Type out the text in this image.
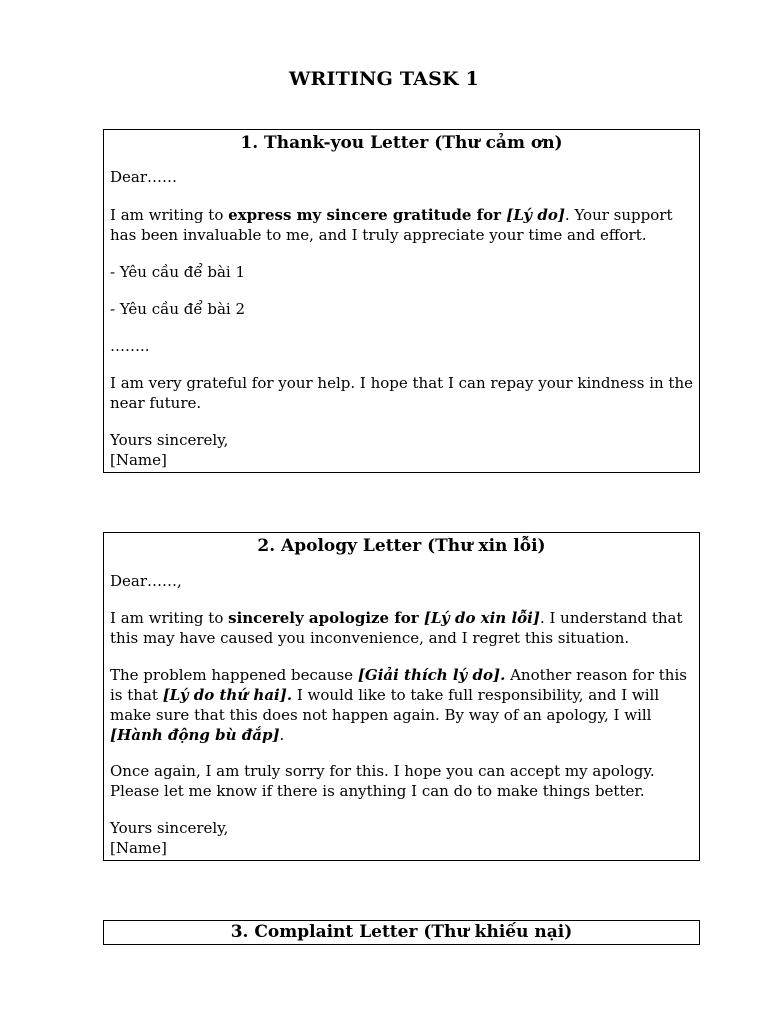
WRITING TASK 1
1. Thank-you Letter (Thư cảm ơn)

Dear……

I am writing to express my sincere gratitude for [Lý do]. Your support has been invaluable to me, and I truly appreciate your time and effort.

- Yêu cầu để bài 1

- Yêu cầu để bài 2

……..

I am very grateful for your help. I hope that I can repay your kindness in the near future.

Yours sincerely,

[Name]

2. Apology Letter (Thư xin lỗi)

Dear……,

I am writing to sincerely apologize for [Lý do xin lỗi]. I understand that this may have caused you inconvenience, and I regret this situation.

The problem happened because [Giải thích lý do]. Another reason for this is that [Lý do thứ hai]. I would like to take full responsibility, and I will make sure that this does not happen again. By way of an apology, I will [Hành động bù đắp].

Once again, I am truly sorry for this. I hope you can accept my apology. Please let me know if there is anything I can do to make things better.

Yours sincerely,

[Name]

3. Complaint Letter (Thư khiếu nại)
